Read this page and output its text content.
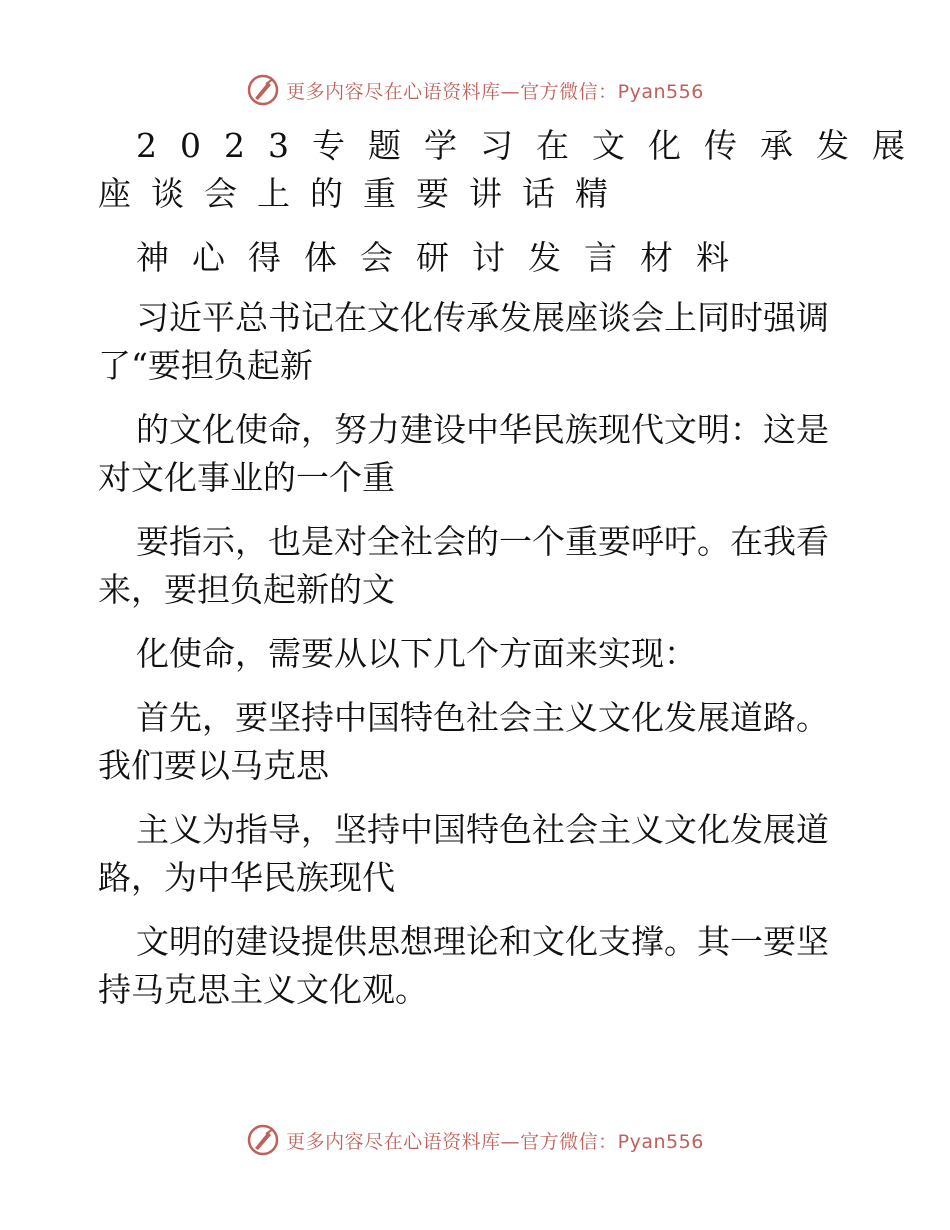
更多内容尽在心语资料库—官方微信：Pyan556
2023专题学习在文化传承发展
座谈会上的重要讲话精
神心得体会研讨发言材料
习近平总书记在文化传承发展座谈会上同时强调
了“要担负起新
的文化使命，努力建设中华民族现代文明：这是
对文化事业的一个重
要指示，也是对全社会的一个重要呼吁。在我看
来，要担负起新的文
化使命，需要从以下几个方面来实现：
首先，要坚持中国特色社会主义文化发展道路。
我们要以马克思
主义为指导，坚持中国特色社会主义文化发展道
路，为中华民族现代
文明的建设提供思想理论和文化支撑。其一要坚
持马克思主义文化观。
更多内容尽在心语资料库—官方微信：Pyan556
